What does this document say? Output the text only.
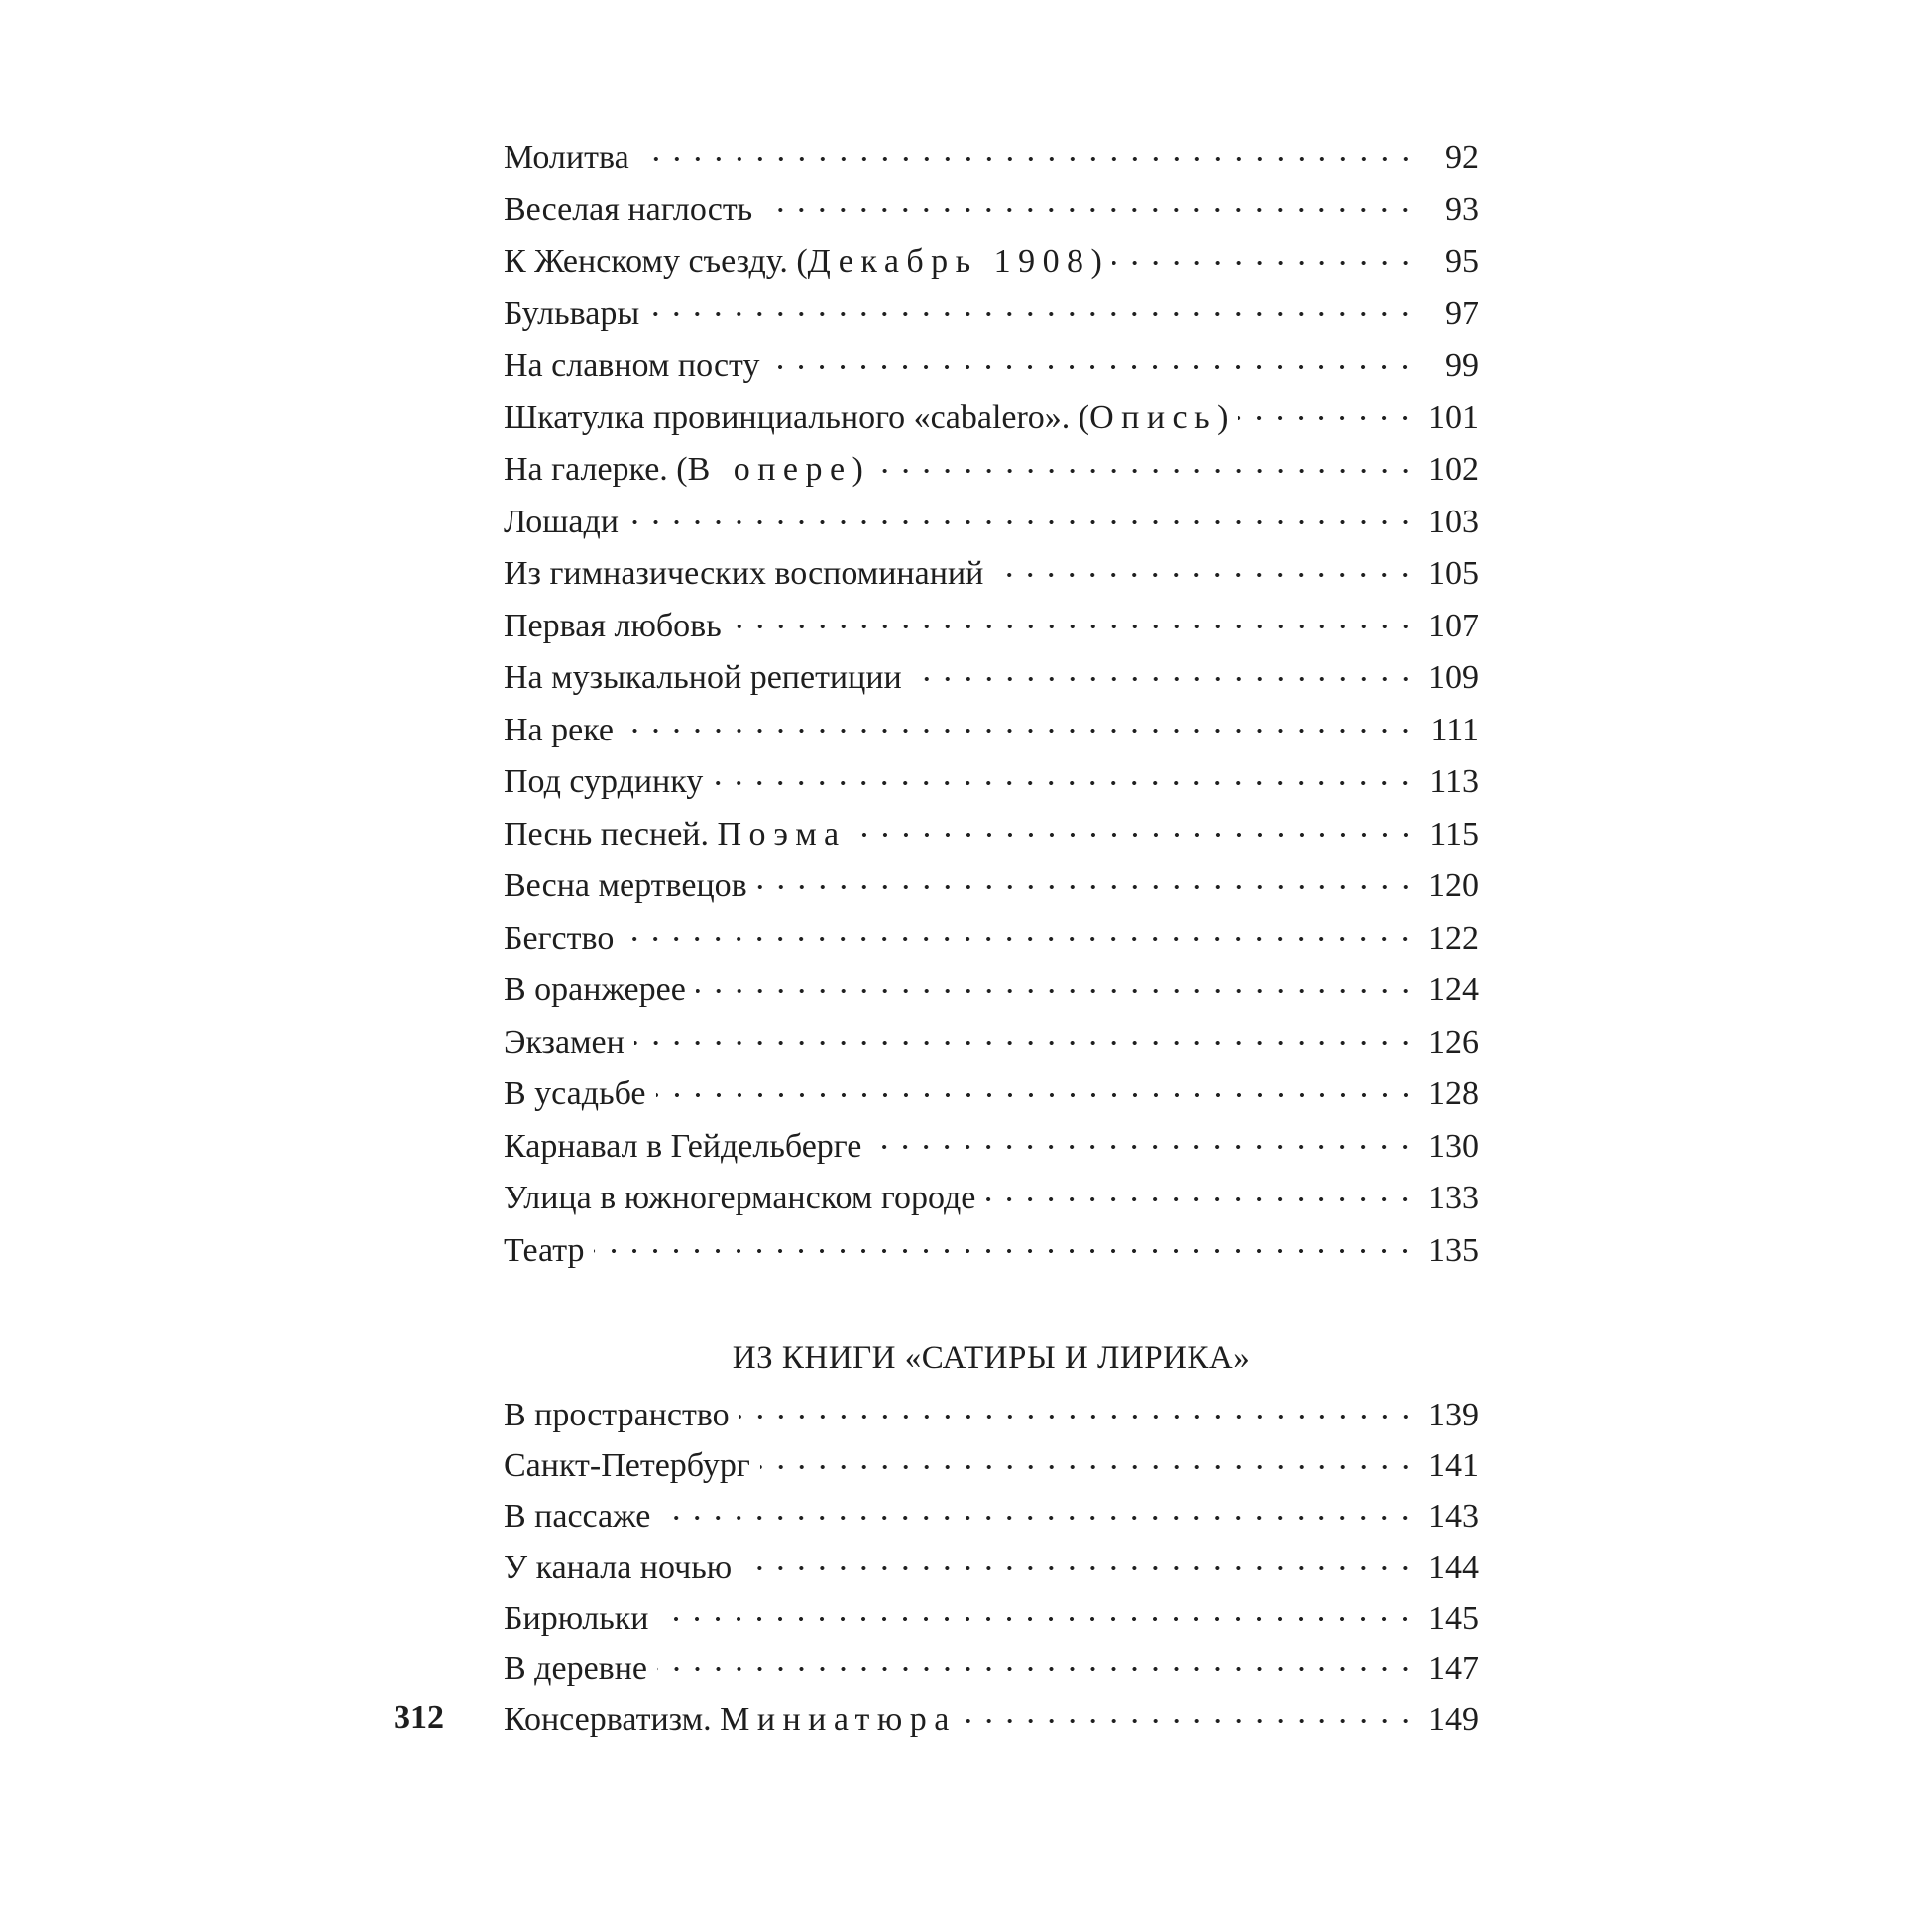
Молитва	92
Веселая наглость	93
К Женскому съезду. (Декабрь 1908)	95
Бульвары	97
На славном посту	99
Шкатулка провинциального «cabalero». (Опись)	101
На галерке. (В опере)	102
Лошади	103
Из гимназических воспоминаний	105
Первая любовь	107
На музыкальной репетиции	109
На реке	111
Под сурдинку	113
Песнь песней. Поэма	115
Весна мертвецов	120
Бегство	122
В оранжерее	124
Экзамен	126
В усадьбе	128
Карнавал в Гейдельберге	130
Улица в южногерманском городе	133
Театр	135
ИЗ КНИГИ «САТИРЫ И ЛИРИКА»
В пространство	139
Санкт-Петербург	141
В пассаже	143
У канала ночью	144
Бирюльки	145
В деревне	147
Консерватизм. Миниатюра	149
312
